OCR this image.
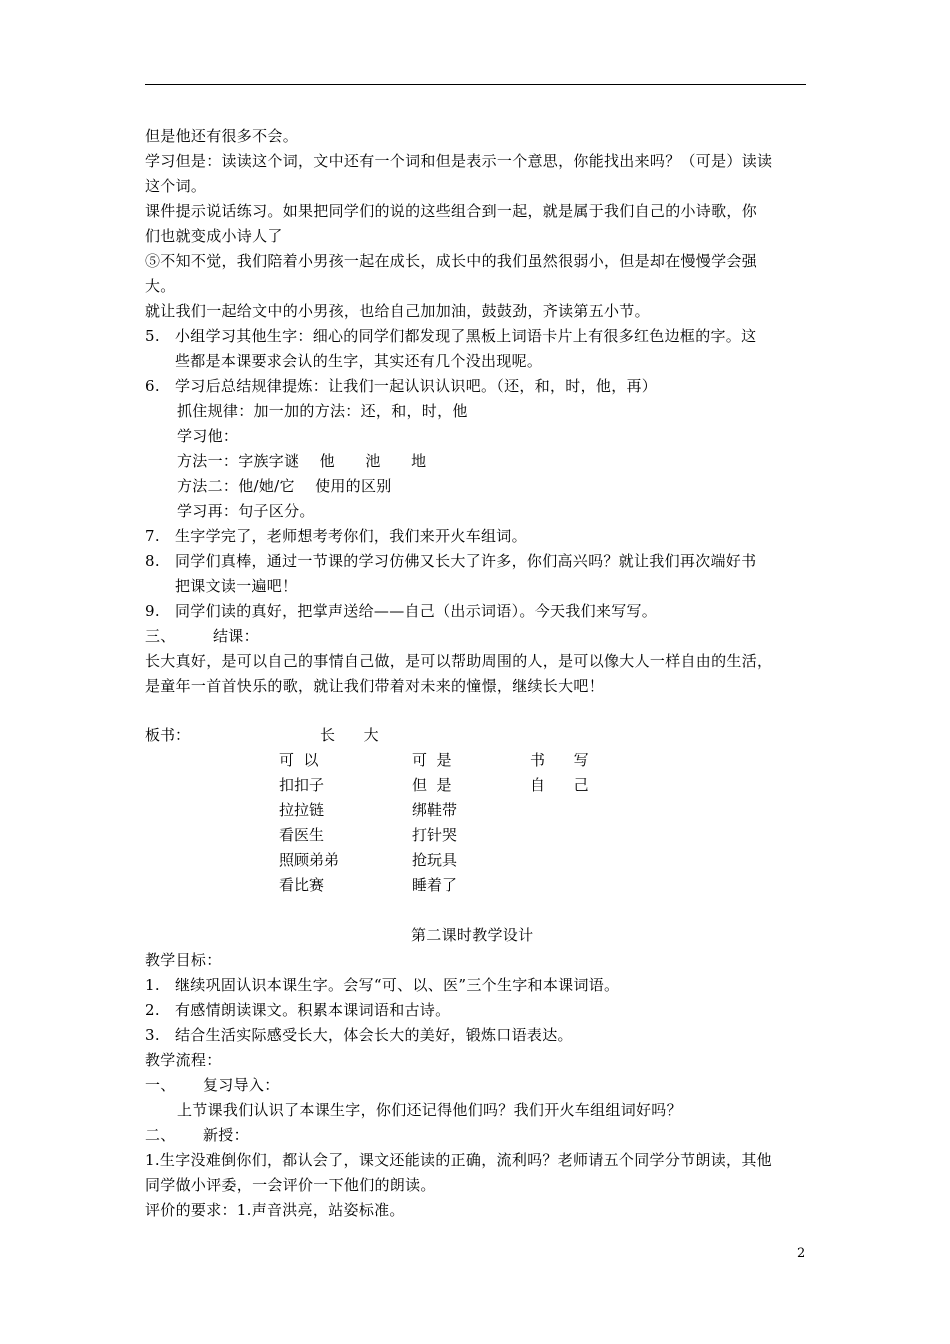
但是他还有很多不会。
学习但是：读读这个词，文中还有一个词和但是表示一个意思，你能找出来吗？（可是）读读
这个词。
课件提示说话练习。如果把同学们的说的这些组合到一起，就是属于我们自己的小诗歌，你
们也就变成小诗人了
⑤不知不觉，我们陪着小男孩一起在成长，成长中的我们虽然很弱小，但是却在慢慢学会强
大。
就让我们一起给文中的小男孩，也给自己加加油，鼓鼓劲，齐读第五小节。
5. 小组学习其他生字：细心的同学们都发现了黑板上词语卡片上有很多红色边框的字。这
些都是本课要求会认的生字，其实还有几个没出现呢。
6. 学习后总结规律提炼：让我们一起认识认识吧。（还，和，时，他，再）
抓住规律：加一加的方法：还，和，时，他
学习他：
方法一：字族字谜    他      池      地
方法二：他/她/它    使用的区别
学习再：句子区分。
7. 生字学完了，老师想考考你们，我们来开火车组词。
8. 同学们真棒，通过一节课的学习仿佛又长大了许多，你们高兴吗？就让我们再次端好书
把课文读一遍吧！
9. 同学们读的真好，把掌声送给——自己（出示词语）。今天我们来写写。
三、 结课：
长大真好，是可以自己的事情自己做，是可以帮助周围的人，是可以像大人一样自由的生活，
是童年一首首快乐的歌，就让我们带着对未来的憧憬，继续长大吧！
板书：	长      大
可  以
扣扣子
拉拉链
看医生
照顾弟弟
看比赛
可  是
但  是
绑鞋带
打针哭
抢玩具
睡着了
书      写
自      己
第二课时教学设计
教学目标：
1. 继续巩固认识本课生字。会写“可、以、医”三个生字和本课词语。
2. 有感情朗读课文。积累本课词语和古诗。
3. 结合生活实际感受长大，体会长大的美好，锻炼口语表达。
教学流程：
一、 复习导入：
上节课我们认识了本课生字，你们还记得他们吗？我们开火车组组词好吗？
二、 新授：
1.生字没难倒你们，都认会了，课文还能读的正确，流利吗？老师请五个同学分节朗读，其他
同学做小评委，一会评价一下他们的朗读。
评价的要求：1.声音洪亮，站姿标准。
2
